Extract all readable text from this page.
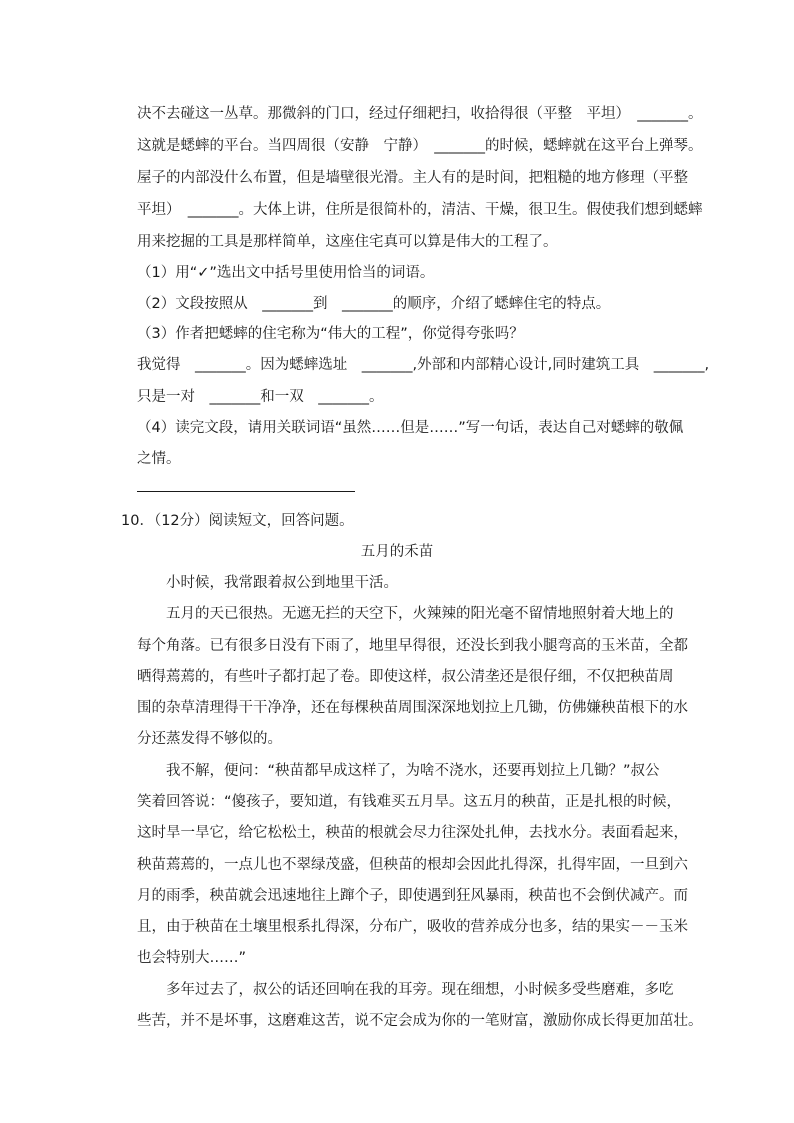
决不去碰这一丛草。那微斜的门口，经过仔细耙扫，收拾得很（平整　平坦）　_______。
这就是蟋蟀的平台。当四周很（安静　宁静）　_______的时候，蟋蟀就在这平台上弹琴。
屋子的内部没什么布置，但是墙壁很光滑。主人有的是时间，把粗糙的地方修理（平整
平坦）　_______。大体上讲，住所是很简朴的，清洁、干燥，很卫生。假使我们想到蟋蟀
用来挖掘的工具是那样简单，这座住宅真可以算是伟大的工程了。
（1）用“✓”选出文中括号里使用恰当的词语。
（2）文段按照从　_______到　_______的顺序，介绍了蟋蟀住宅的特点。
（3）作者把蟋蟀的住宅称为“伟大的工程”，你觉得夸张吗？
我觉得　_______。因为蟋蟀选址　_______,外部和内部精心设计,同时建筑工具　_______,
只是一对　_______和一双　_______。
（4）读完文段，请用关联词语“虽然……但是……”写一句话，表达自己对蟋蟀的敬佩
之情。
10．（12分）阅读短文，回答问题。
五月的禾苗
　　小时候，我常跟着叔公到地里干活。
　　五月的天已很热。无遮无拦的天空下，火辣辣的阳光毫不留情地照射着大地上的
每个角落。已有很多日没有下雨了，地里早得很，还没长到我小腿弯高的玉米苗，全都
晒得蔫蔫的，有些叶子都打起了卷。即使这样，叔公清垄还是很仔细，不仅把秧苗周
围的杂草清理得干干净净，还在每棵秧苗周围深深地划拉上几锄，仿佛嫌秧苗根下的水
分还蒸发得不够似的。
　　我不解，便问：“秧苗都早成这样了，为啥不浇水，还要再划拉上几锄？”叔公
笑着回答说：“傻孩子，要知道，有钱难买五月旱。这五月的秧苗，正是扎根的时候，
这时旱一旱它，给它松松土，秧苗的根就会尽力往深处扎伸，去找水分。表面看起来，
秧苗蔫蔫的，一点儿也不翠绿茂盛，但秧苗的根却会因此扎得深，扎得牢固，一旦到六
月的雨季，秧苗就会迅速地往上蹿个子，即使遇到狂风暴雨，秧苗也不会倒伏减产。而
且，由于秧苗在土壤里根系扎得深，分布广，吸收的营养成分也多，结的果实－－玉米
也会特别大……”
　　多年过去了，叔公的话还回响在我的耳旁。现在细想，小时候多受些磨难，多吃
些苦，并不是坏事，这磨难这苦，说不定会成为你的一笔财富，激励你成长得更加茁壮。
